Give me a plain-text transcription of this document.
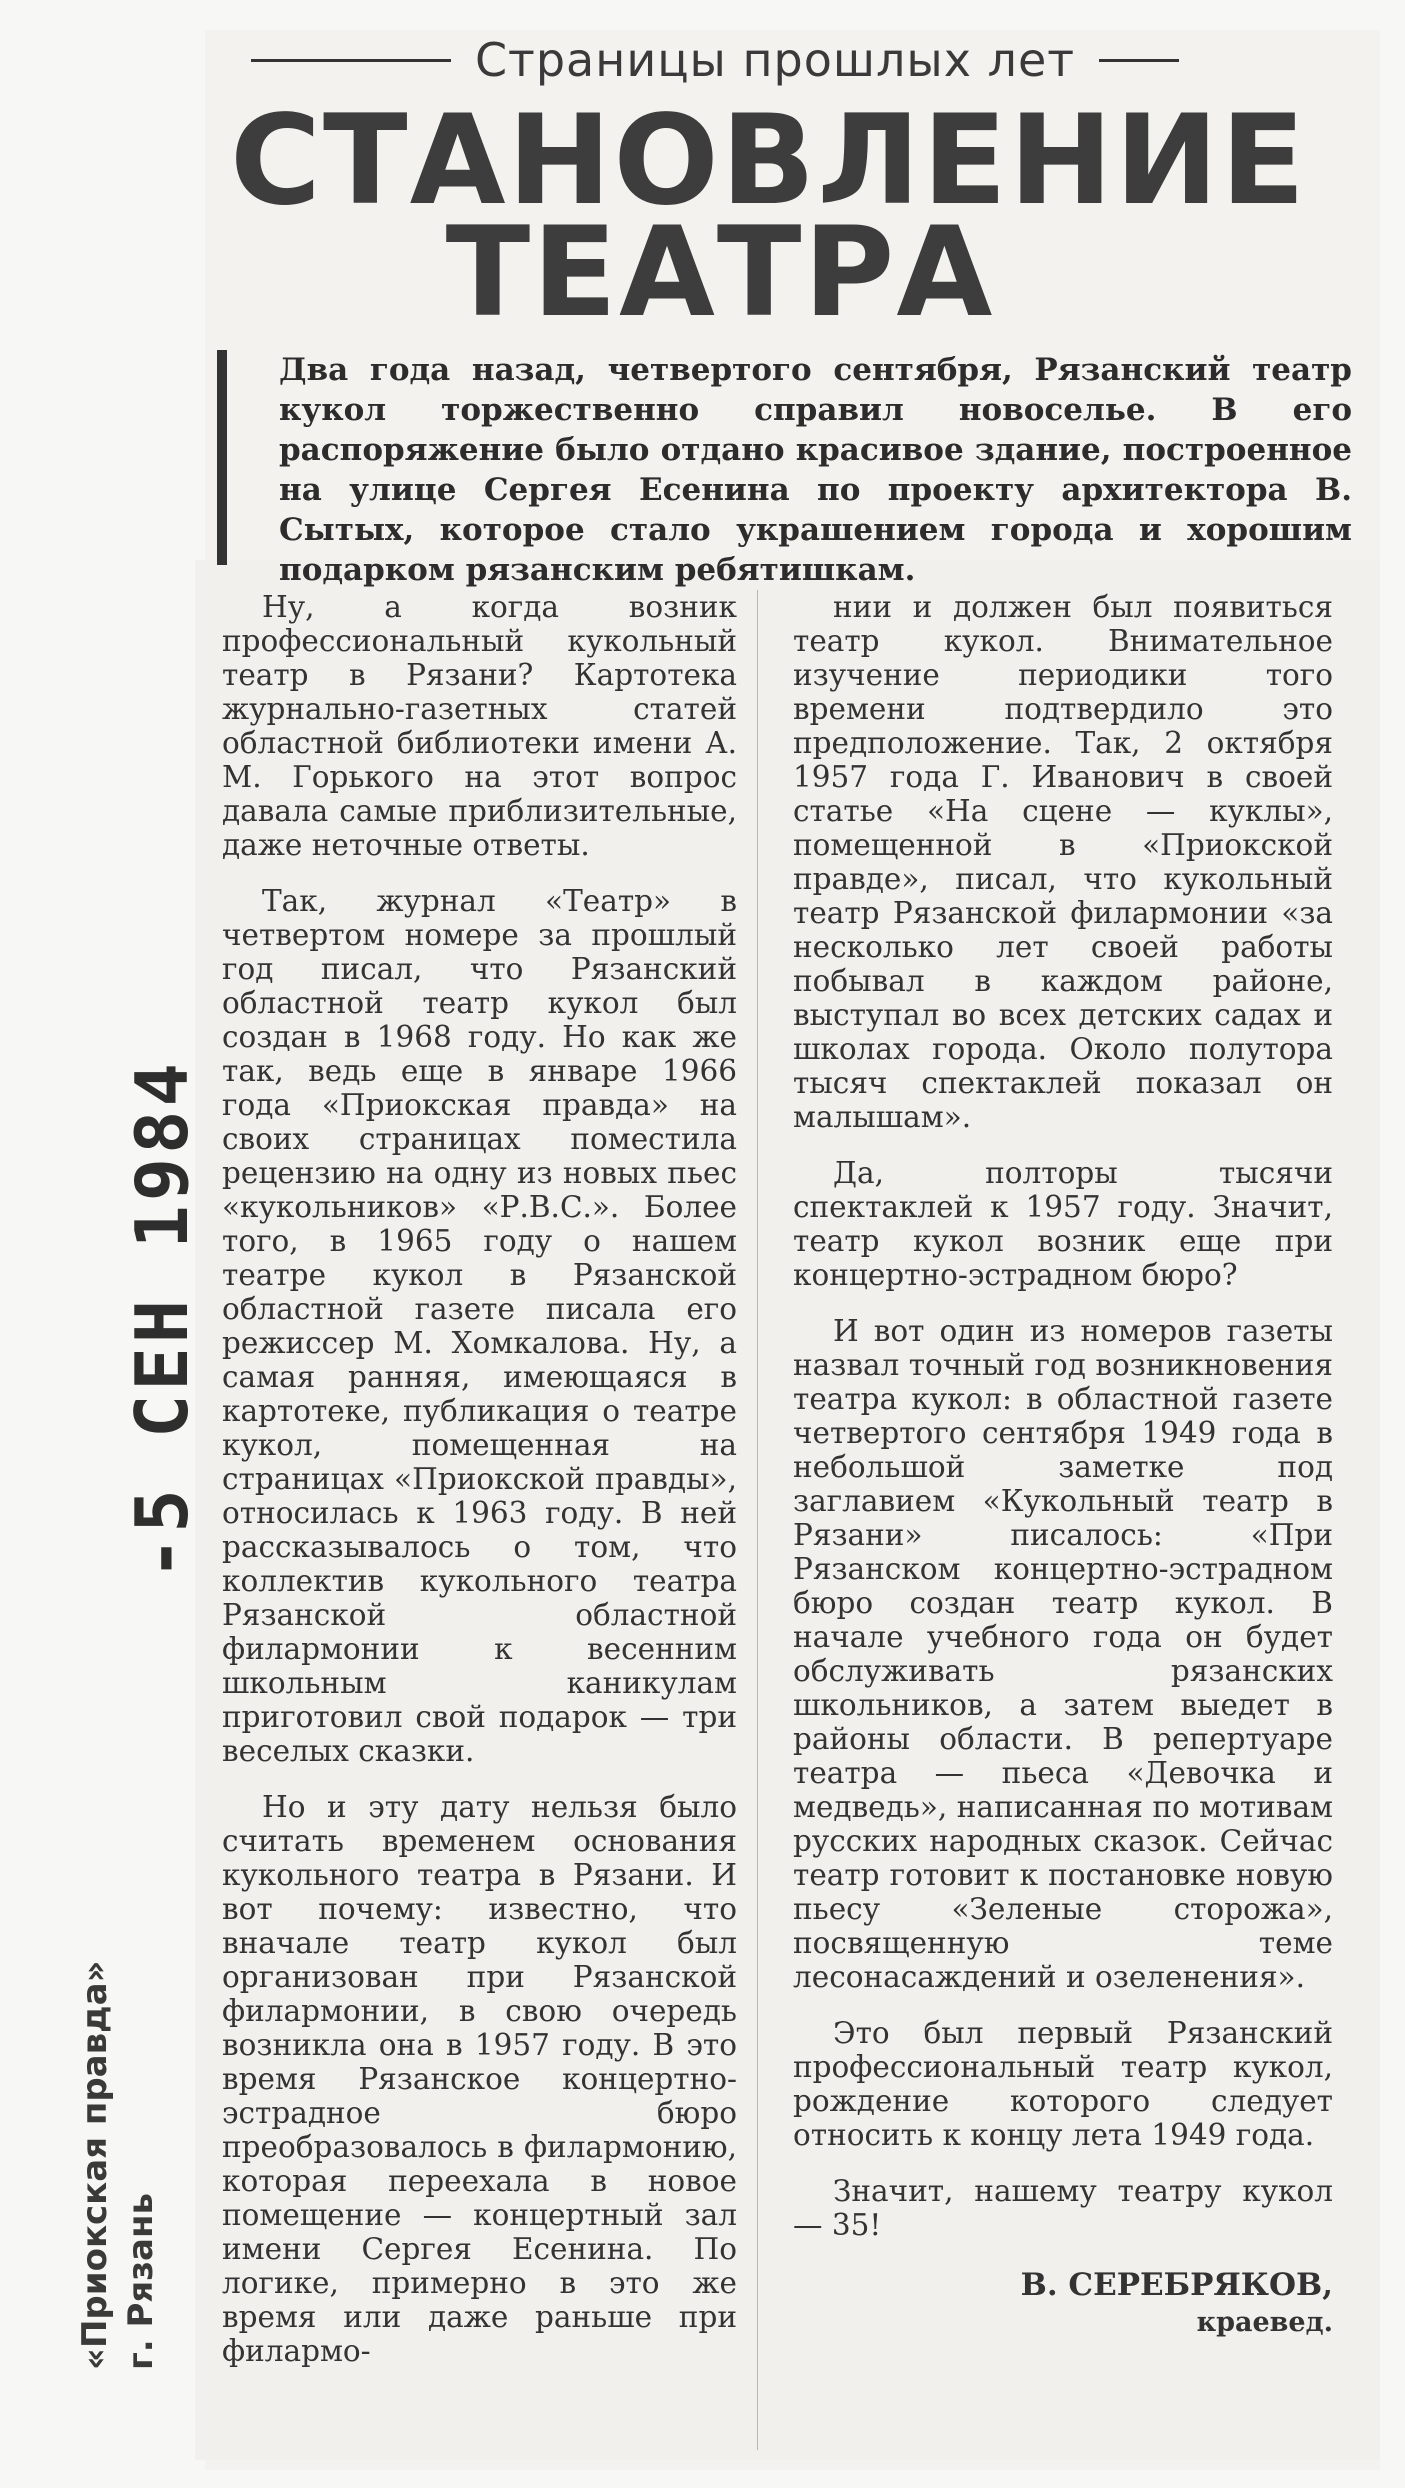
Страницы прошлых лет
СТАНОВЛЕНИЕ
ТЕАТРА
Два года назад, четвертого сентября, Рязанский театр кукол торжественно справил новоселье. В его распоряжение было отдано красивое здание, построенное на улице Сергея Есенина по проекту архитектора В. Сытых, которое стало украшением города и хорошим подарком рязанским ребятишкам.

Ну, а когда возник профессиональный кукольный театр в Рязани? Картотека журнально-газетных статей областной библиотеки имени А. М. Горького на этот вопрос давала самые приблизительные, даже неточные ответы.

Так, журнал «Театр» в четвертом номере за прошлый год писал, что Рязанский областной театр кукол был создан в 1968 году. Но как же так, ведь еще в январе 1966 года «Приокская правда» на своих страницах поместила рецензию на одну из новых пьес «кукольников» «Р.В.С.». Более того, в 1965 году о нашем театре кукол в Рязанской областной газете писала его режиссер М. Хомкалова. Ну, а самая ранняя, имеющаяся в картотеке, публикация о театре кукол, помещенная на страницах «Приокской правды», относилась к 1963 году. В ней рассказывалось о том, что коллектив кукольного театра Рязанской областной филармонии к весенним школьным каникулам приготовил свой подарок — три веселых сказки.

Но и эту дату нельзя было считать временем основания кукольного театра в Рязани. И вот почему: известно, что вначале театр кукол был организован при Рязанской филармонии, в свою очередь возникла она в 1957 году. В это время Рязанское концертно-эстрадное бюро преобразовалось в филармонию, которая переехала в новое помещение — концертный зал имени Сергея Есенина. По логике, примерно в это же время или даже раньше при филармо-

нии и должен был появиться театр кукол. Внимательное изучение периодики того времени подтвердило это предположение. Так, 2 октября 1957 года Г. Иванович в своей статье «На сцене — куклы», помещенной в «Приокской правде», писал, что кукольный театр Рязанской филармонии «за несколько лет своей работы побывал в каждом районе, выступал во всех детских садах и школах города. Около полутора тысяч спектаклей показал он малышам».

Да, полторы тысячи спектаклей к 1957 году. Значит, театр кукол возник еще при концертно-эстрадном бюро?

И вот один из номеров газеты назвал точный год возникновения театра кукол: в областной газете четвертого сентября 1949 года в небольшой заметке под заглавием «Кукольный театр в Рязани» писалось: «При Рязанском концертно-эстрадном бюро создан театр кукол. В начале учебного года он будет обслуживать рязанских школьников, а затем выедет в районы области. В репертуаре театра — пьеса «Девочка и медведь», написанная по мотивам русских народных сказок. Сейчас театр готовит к постановке новую пьесу «Зеленые сторожа», посвященную теме лесонасаждений и озеленения».

Это был первый Рязанский профессиональный театр кукол, рождение которого следует относить к концу лета 1949 года.

Значит, нашему театру кукол — 35!

В. СЕРЕБРЯКОВ,
краевед.
-5 СЕН 1984
«Приокская правда» г. Рязань
